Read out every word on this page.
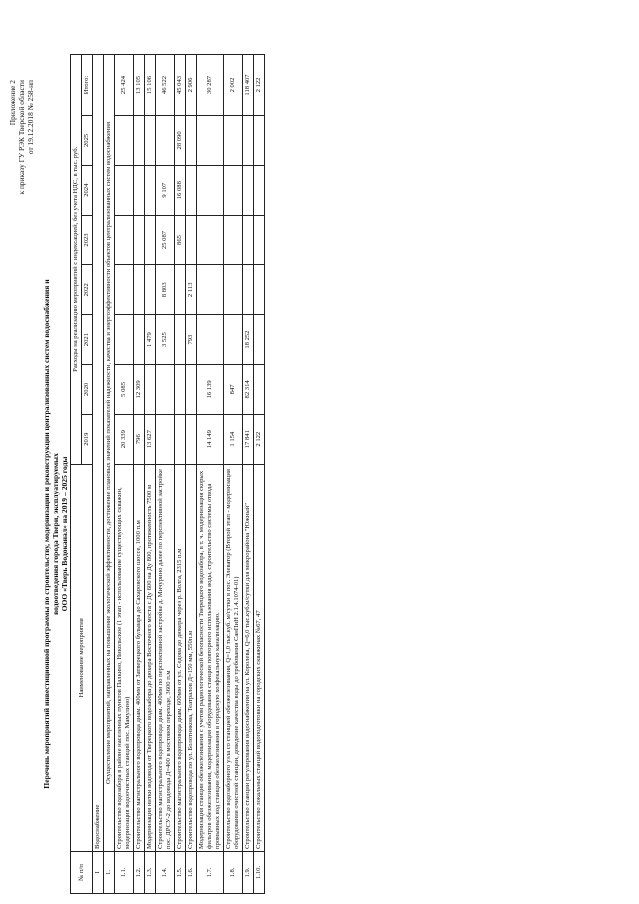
Приложение 2 к приказу ГУ РЭК Тверской области от 19.12.2018 № 258-нп
Перечень мероприятий инвестиционной программы по строительству, модернизации и реконструкции централизованных систем водоснабжения и водоотведения города Твери, эксплуатируемых ООО «Тверь Водоканал» на 2019 – 2025 годы
№ п/п	Наименование мероприятия	Расходы на реализацию мероприятий с индексацией, без учета НДС, в тыс. руб.							
		2019	2020	2021	2022	2023	2024	2025	Итого:
I	Водоснабжение								
1.	Осуществление мероприятий, направленных на повышение экологической эффективности, достижение плановых значений показателей надежности, качества и энергоэффективности объектов централизованных систем водоснабжения								
1.1.	Строительство водозабора в районе населенных пунктов Палкино, Никольское (1 этап - использование существующих скважин, модернизация водоочистных станций пос. Мамулино)	20 339	5 085						25 424
1.2.	Строительство магистрального водопровода диам. 400мм от Затверецкого бульвара до Сахаровского шоссе, 1000 п.м	796	12 309						13 105
1.3.	Модернизация нитки водовода от Тверецкого водозабора до дюкера Восточного моста с Ду 600 на Ду 800, протяженность 7500 м	13 627		1 479					15 106
1.4.	Строительство магистрального водопровода диам. 400мм по перспективной застройке д. Мичурино далее по перспективной застройке пос. ДРСУ-2 до водовода Д=400 в мостовом переходе, 3600 п.м			3 525	8 803	25 087	9 107		46 522
1.5.	Строительство магистрального водопровода диам. 600мм от ул. Седова до дюкера через р. Волга, 2315 п.м					865	16 088	28 090	45 043
1.6.	Строительство водопровода по ул. Болотникова, Театралов Д=150 мм, 550п.м			793	2 113				2 906
1.7.	Модернизация станции обезжелезивания с учетом радиологической безопасности Тверецкого водозабора, в т. ч. модернизация скорых фильтров обезжелезивания, модернизация оборудования станции повторного использования воды, строительство системы отвода промывных вод станции обезжелезивания в городскую хозфекальную канализацию.	14 149	16 139						30 287
1.8.	Строительство водозаборного узла со станцией обезжелезивания, Q=1,0 тыс.куб. м/сутки в пос. Элеватор (Второй этап - модернизация оборудования очистной станции, доведение качества воды до требования СанПиН 2.1.4.1074-01)	1 154	847						2 002
1.9.	Строительство станции регулирования водоснабжения на ул. Королева, Q=6,0 тыс.куб.м/сутки для микрорайона "Южный"	17 841	82 314	18 252					118 407
1.10.	Строительство локальных станций водоподготовки на городских скважинах №67, 47	2 122							2 122
